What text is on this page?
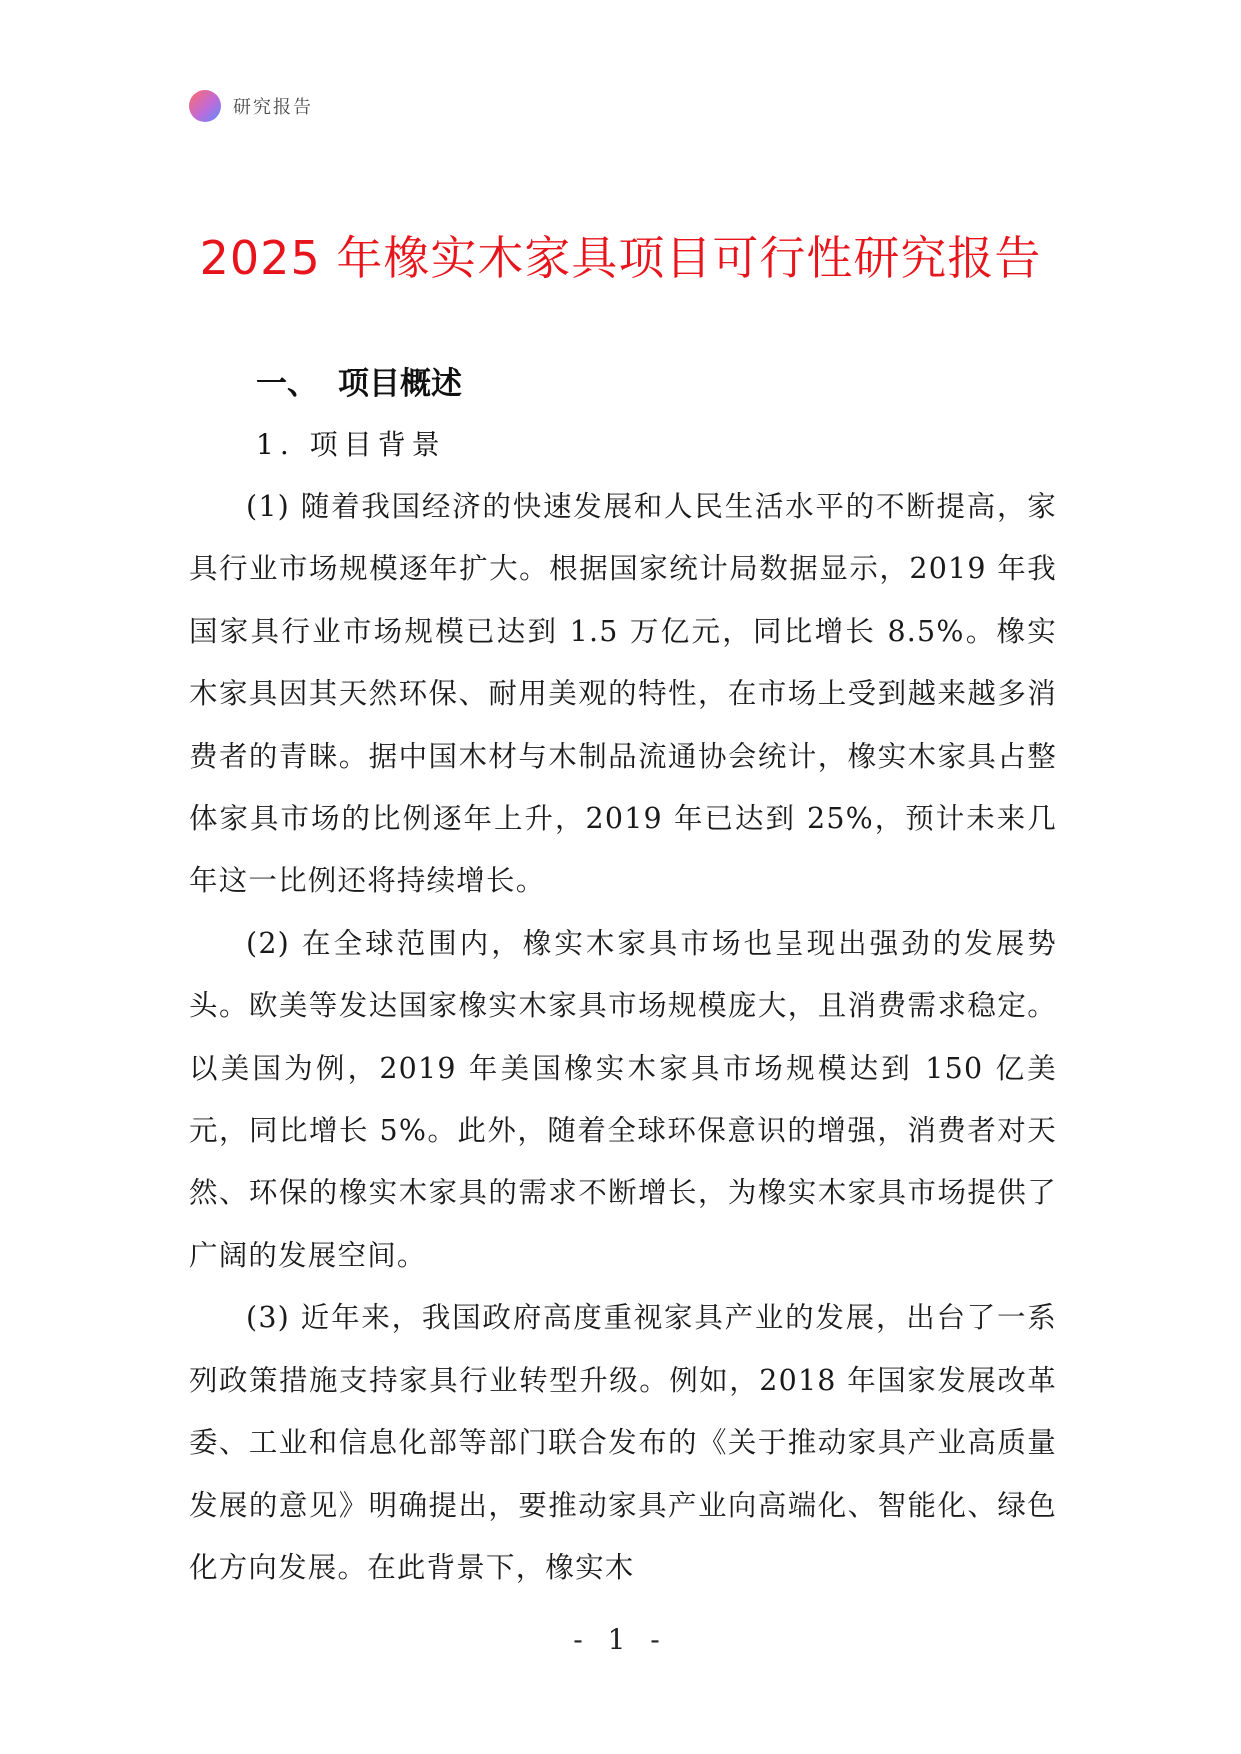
研究报告
2025 年橡实木家具项目可行性研究报告
一、 项目概述
1. 项目背景

(1) 随着我国经济的快速发展和人民生活水平的不断提高，家具行业市场规模逐年扩大。根据国家统计局数据显示，2019 年我国家具行业市场规模已达到 1.5 万亿元，同比增长 8.5%。橡实木家具因其天然环保、耐用美观的特性，在市场上受到越来越多消费者的青睐。据中国木材与木制品流通协会统计，橡实木家具占整体家具市场的比例逐年上升，2019 年已达到 25%，预计未来几年这一比例还将持续增长。

(2) 在全球范围内，橡实木家具市场也呈现出强劲的发展势头。欧美等发达国家橡实木家具市场规模庞大，且消费需求稳定。以美国为例，2019 年美国橡实木家具市场规模达到 150 亿美元，同比增长 5%。此外，随着全球环保意识的增强，消费者对天然、环保的橡实木家具的需求不断增长，为橡实木家具市场提供了广阔的发展空间。

(3) 近年来，我国政府高度重视家具产业的发展，出台了一系列政策措施支持家具行业转型升级。例如，2018 年国家发展改革委、工业和信息化部等部门联合发布的《关于推动家具产业高质量发展的意见》明确提出，要推动家具产业向高端化、智能化、绿色化方向发展。在此背景下，橡实木

- 1 -
